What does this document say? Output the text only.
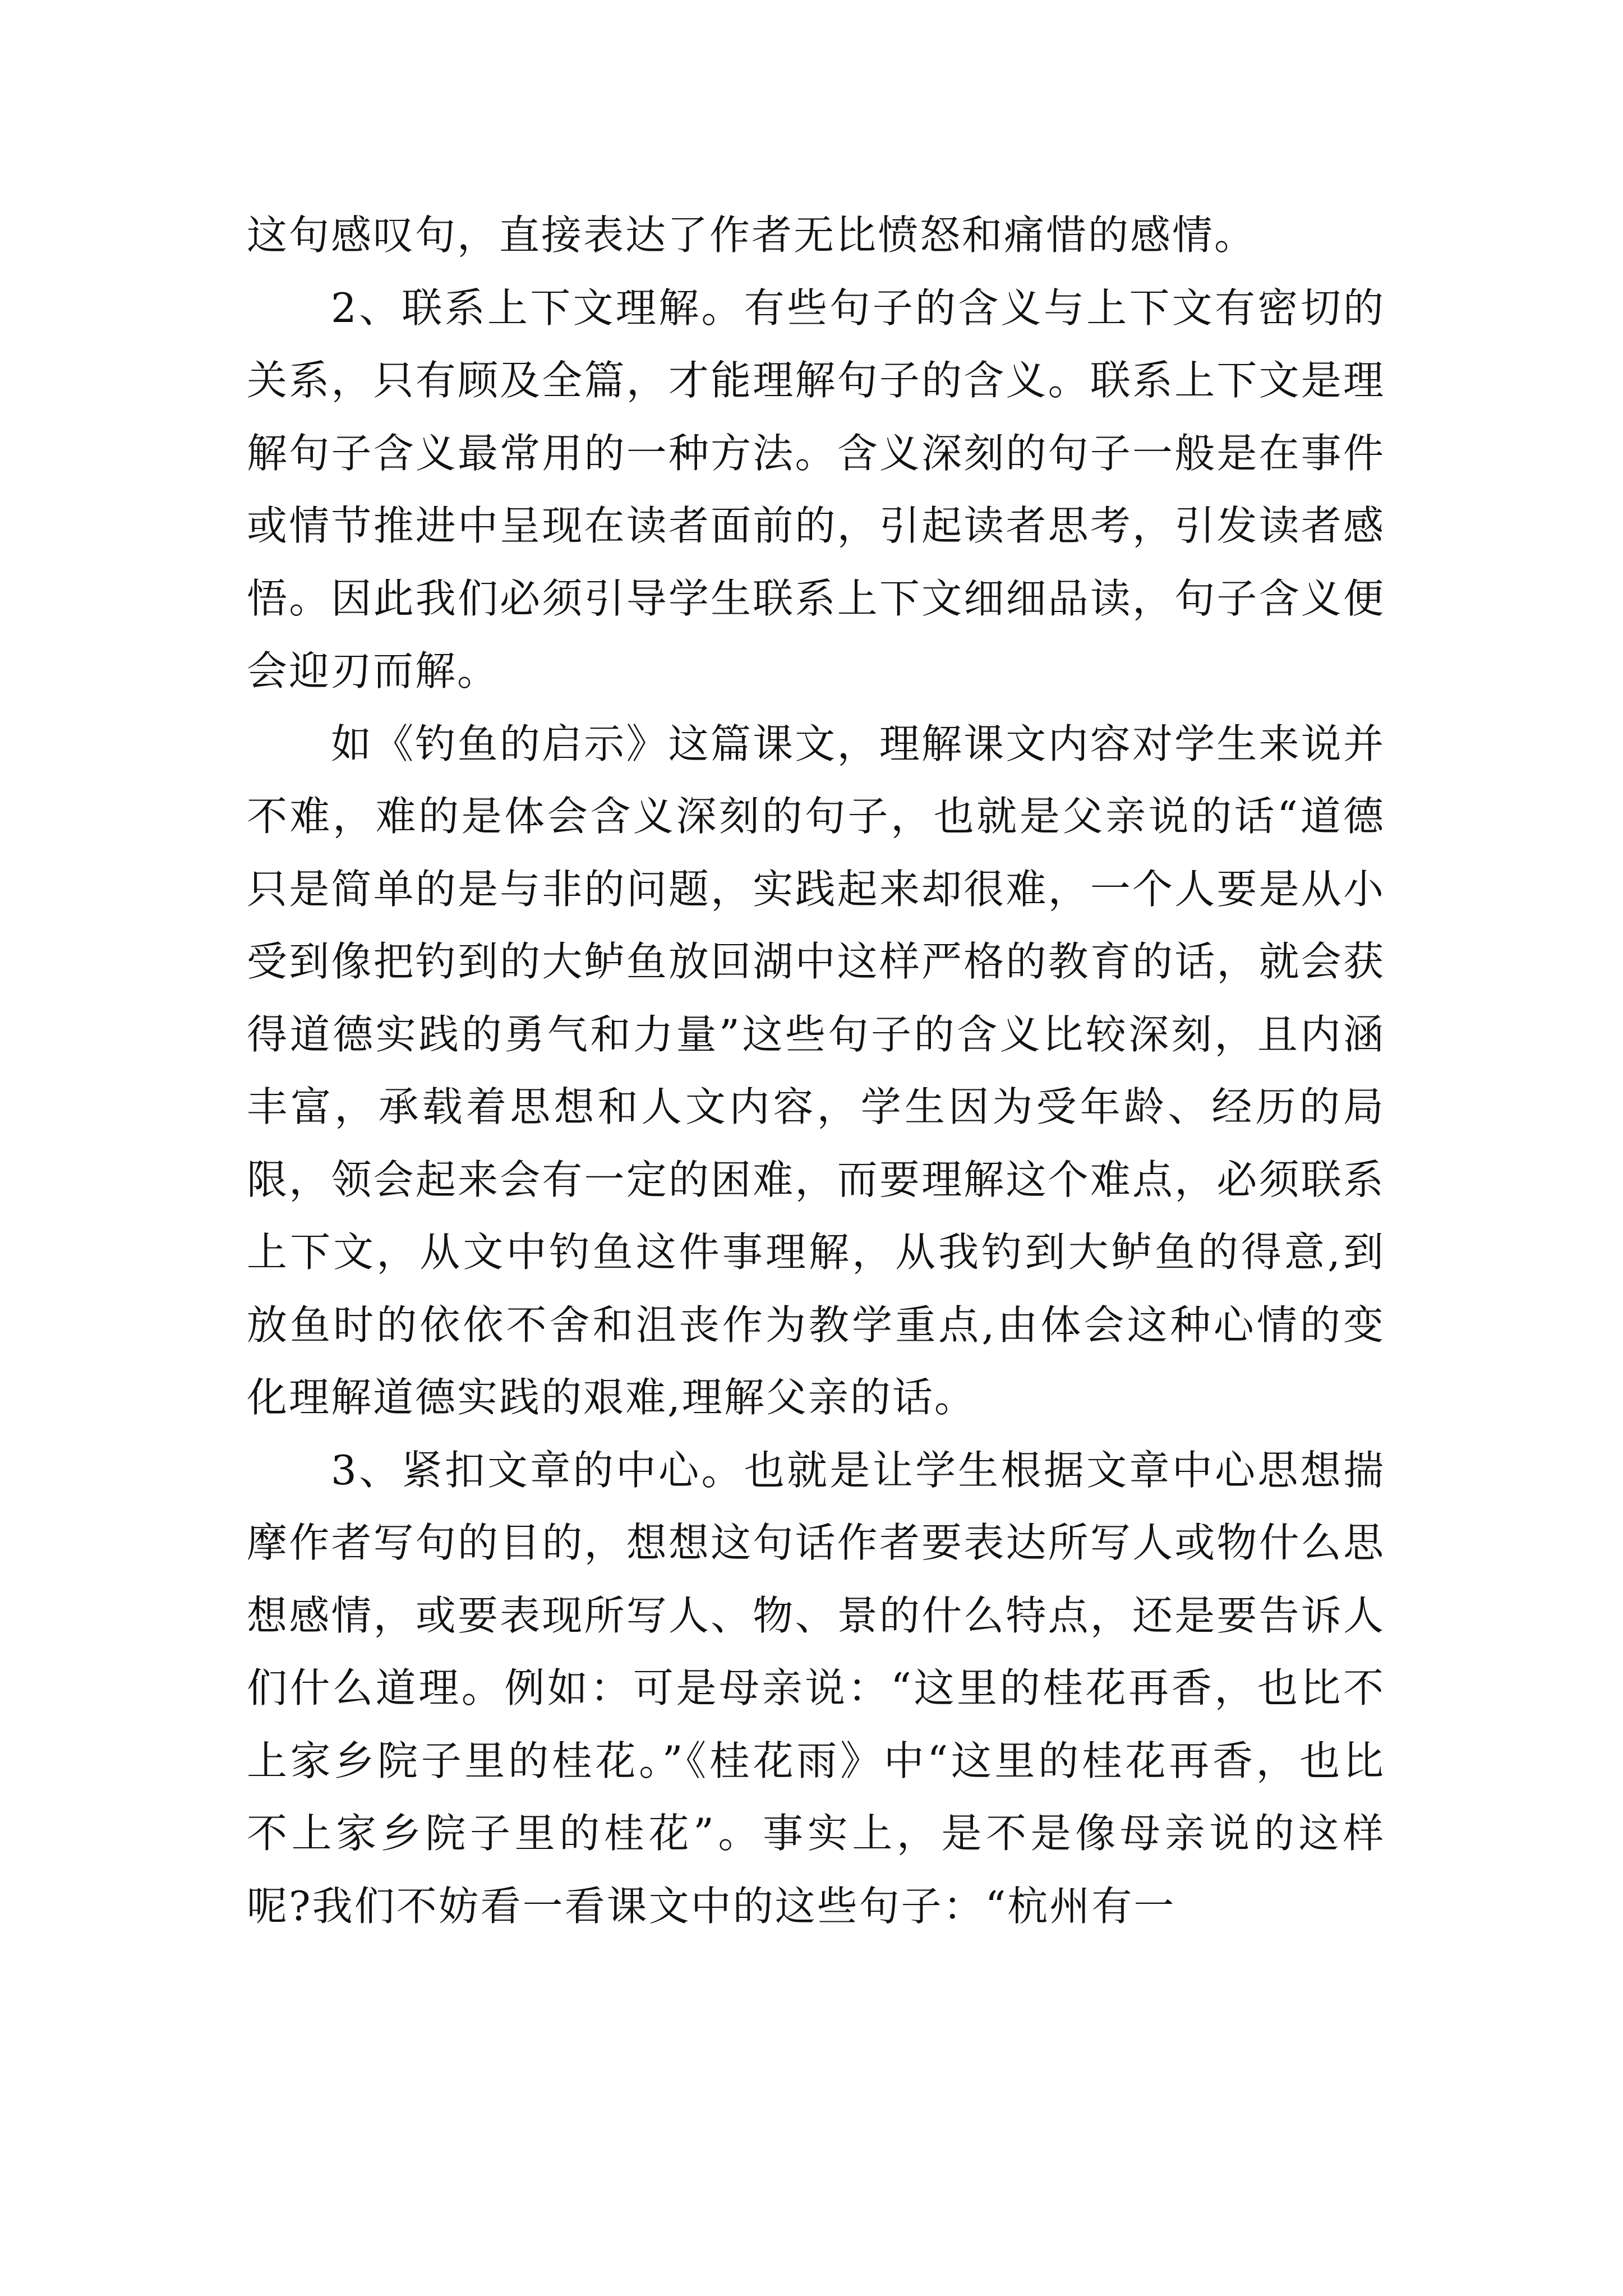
这句感叹句，直接表达了作者无比愤怒和痛惜的感情。

2、联系上下文理解。有些句子的含义与上下文有密切的关系，只有顾及全篇，才能理解句子的含义。联系上下文是理解句子含义最常用的一种方法。含义深刻的句子一般是在事件或情节推进中呈现在读者面前的，引起读者思考，引发读者感悟。因此我们必须引导学生联系上下文细细品读，句子含义便会迎刃而解。

如《钓鱼的启示》这篇课文，理解课文内容对学生来说并不难，难的是体会含义深刻的句子，也就是父亲说的话“道德只是简单的是与非的问题，实践起来却很难，一个人要是从小受到像把钓到的大鲈鱼放回湖中这样严格的教育的话，就会获得道德实践的勇气和力量”这些句子的含义比较深刻，且内涵丰富，承载着思想和人文内容，学生因为受年龄、经历的局限，领会起来会有一定的困难，而要理解这个难点，必须联系上下文，从文中钓鱼这件事理解，从我钓到大鲈鱼的得意,到放鱼时的依依不舍和沮丧作为教学重点,由体会这种心情的变化理解道德实践的艰难,理解父亲的话。

3、紧扣文章的中心。也就是让学生根据文章中心思想揣摩作者写句的目的，想想这句话作者要表达所写人或物什么思想感情，或要表现所写人、物、景的什么特点，还是要告诉人们什么道理。例如：可是母亲说：“这里的桂花再香，也比不上家乡院子里的桂花。”《桂花雨》中“这里的桂花再香，也比不上家乡院子里的桂花”。事实上，是不是像母亲说的这样呢?我们不妨看一看课文中的这些句子：“杭州有一
